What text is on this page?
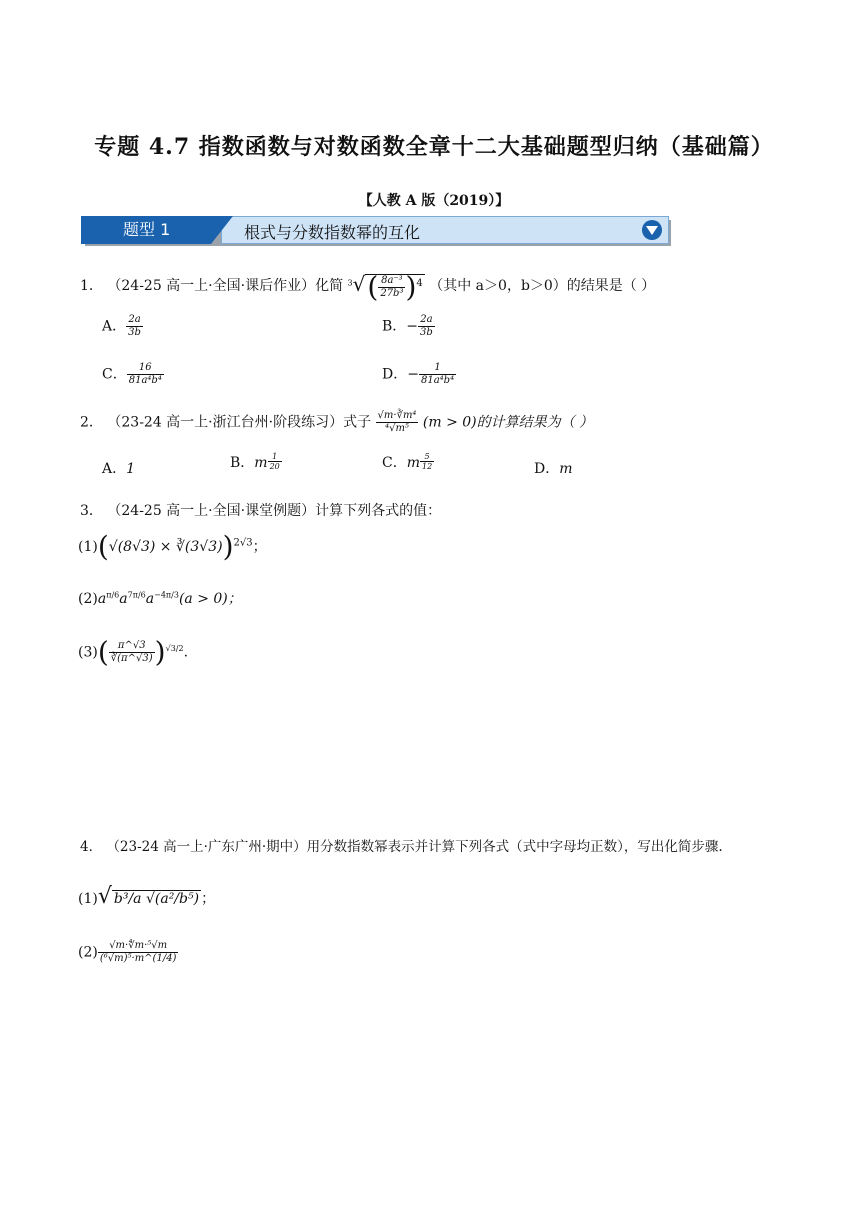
专题 4.7 指数函数与对数函数全章十二大基础题型归纳（基础篇）
【人教 A 版（2019）】
根式与分数指数幂的互化
题型 1
1． （24-25 高一上·全国·课后作业）化简 $^3√( \frac{\text{8a⁻³}}{\text{27b³}} )^4$ （其中 a＞0，b＞0）的结果是（ ）
A． $\frac{2a}{3b}$	B．− $\frac{2a}{3b}$
C． $\frac{16}{\text{81a⁴b⁴}}$	D．− $\frac{1}{\text{81a⁴b⁴}}$
2． （23-24 高一上·浙江台州·阶段练习）式子 $\frac{\text{√m·∛m⁴}}{\text{⁴√m⁵}} (m > 0)$的计算结果为（ ）
A．1	B．m $\frac{1}{20}$	C．m $\frac{5}{12}$	D．m
3． （24-25 高一上·全国·课堂例题）计算下列各式的值：
(1)(√(8√3) × ∛(3√3))$^{2√3}$；
$(2)a^{\pi/6}a^{7\pi/6}a^{-4\pi/3}(a > 0)$；
$(3)( \frac{\pi\^{}√3}{∛(\pi\^{}√3)} )^{√3/2}$.
4． （23-24 高一上·广东广州·期中）用分数指数幂表示并计算下列各式（式中字母均正数），写出化简步骤.
(1)√ b³/a √(a²/b⁵) ；
$(2) \frac{\text{√m·∜m·⁵√m}}{\text{(⁶√m)⁵·m\textasciicircum{}(1/4)}}$
